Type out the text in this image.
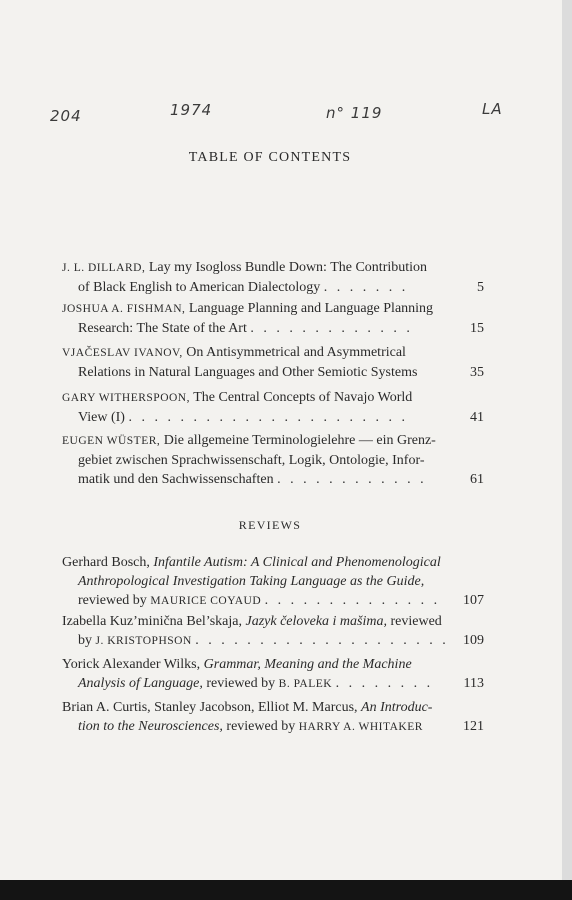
204	1974	n° 119	LA
TABLE OF CONTENTS
J. L. DILLARD, Lay my Isogloss Bundle Down: The Contribution
of Black English to American Dialectology . . . . . . .	5
JOSHUA A. FISHMAN, Language Planning and Language Planning
Research: The State of the Art . . . . . . . . . . . . .	15
VJAČESLAV IVANOV, On Antisymmetrical and Asymmetrical
Relations in Natural Languages and Other Semiotic Systems	35
GARY WITHERSPOON, The Central Concepts of Navajo World
View (I) . . . . . . . . . . . . . . . . . . . . . .	41
EUGEN WÜSTER, Die allgemeine Terminologielehre — ein Grenz-
gebiet zwischen Sprachwissenschaft, Logik, Ontologie, Infor-
matik und den Sachwissenschaften . . . . . . . . . . . .	61
REVIEWS
Gerhard Bosch, Infantile Autism: A Clinical and Phenomenological
Anthropological Investigation Taking Language as the Guide,
reviewed by MAURICE COYAUD . . . . . . . . . . . . . . 107
Izabella Kuz’minična Bel’skaja, Jazyk čeloveka i mašima, reviewed
by J. KRISTOPHSON . . . . . . . . . . . . . . . . . . . . 109
Yorick Alexander Wilks, Grammar, Meaning and the Machine
Analysis of Language, reviewed by B. PALEK . . . . . . . . 113
Brian A. Curtis, Stanley Jacobson, Elliot M. Marcus, An Introduc-
tion to the Neurosciences, reviewed by HARRY A. WHITAKER	121
